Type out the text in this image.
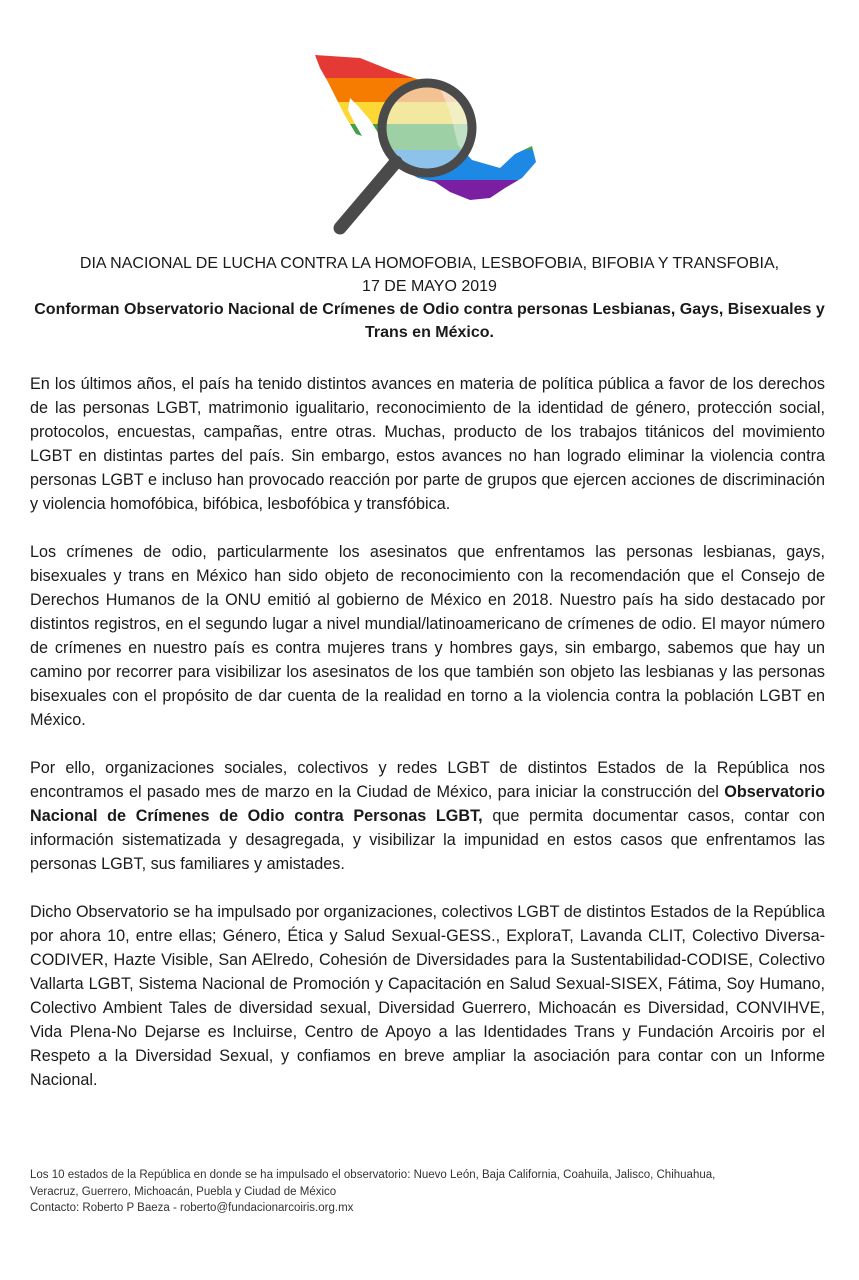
DIA NACIONAL DE LUCHA CONTRA LA HOMOFOBIA, LESBOFOBIA, BIFOBIA Y TRANSFOBIA,
17 DE MAYO 2019
Conforman Observatorio Nacional de Crímenes de Odio contra personas Lesbianas, Gays, Bisexuales y Trans en México.

En los últimos años, el país ha tenido distintos avances en materia de política pública a favor de los derechos de las personas LGBT, matrimonio igualitario, reconocimiento de la identidad de género, protección social, protocolos, encuestas, campañas, entre otras. Muchas, producto de los trabajos titánicos del movimiento LGBT en distintas partes del país. Sin embargo, estos avances no han logrado eliminar la violencia contra personas LGBT e incluso han provocado reacción por parte de grupos que ejercen acciones de discriminación y violencia homofóbica, bifóbica, lesbofóbica y transfóbica.

Los crímenes de odio, particularmente los asesinatos que enfrentamos las personas lesbianas, gays, bisexuales y trans en México han sido objeto de reconocimiento con la recomendación que el Consejo de Derechos Humanos de la ONU emitió al gobierno de México en 2018. Nuestro país ha sido destacado por distintos registros, en el segundo lugar a nivel mundial/latinoamericano de crímenes de odio. El mayor número de crímenes en nuestro país es contra mujeres trans y hombres gays, sin embargo, sabemos que hay un camino por recorrer para visibilizar los asesinatos de los que también son objeto las lesbianas y las personas bisexuales con el propósito de dar cuenta de la realidad en torno a la violencia contra la población LGBT en México.

Por ello, organizaciones sociales, colectivos y redes LGBT de distintos Estados de la República nos encontramos el pasado mes de marzo en la Ciudad de México, para iniciar la construcción del Observatorio Nacional de Crímenes de Odio contra Personas LGBT, que permita documentar casos, contar con información sistematizada y desagregada, y visibilizar la impunidad en estos casos que enfrentamos las personas LGBT, sus familiares y amistades.

Dicho Observatorio se ha impulsado por organizaciones, colectivos LGBT de distintos Estados de la República por ahora 10, entre ellas; Género, Ética y Salud Sexual-GESS., ExploraT, Lavanda CLIT, Colectivo Diversa-CODIVER, Hazte Visible, San AElredo, Cohesión de Diversidades para la Sustentabilidad-CODISE, Colectivo Vallarta LGBT, Sistema Nacional de Promoción y Capacitación en Salud Sexual-SISEX, Fátima, Soy Humano, Colectivo Ambient Tales de diversidad sexual, Diversidad Guerrero, Michoacán es Diversidad, CONVIHVE, Vida Plena-No Dejarse es Incluirse, Centro de Apoyo a las Identidades Trans y Fundación Arcoiris por el Respeto a la Diversidad Sexual, y confiamos en breve ampliar la asociación para contar con un Informe Nacional.

Los 10 estados de la República en donde se ha impulsado el observatorio: Nuevo León, Baja California, Coahuila, Jalisco, Chihuahua,
Veracruz, Guerrero, Michoacán, Puebla y Ciudad de México
Contacto: Roberto P Baeza - roberto@fundacionarcoiris.org.mx
